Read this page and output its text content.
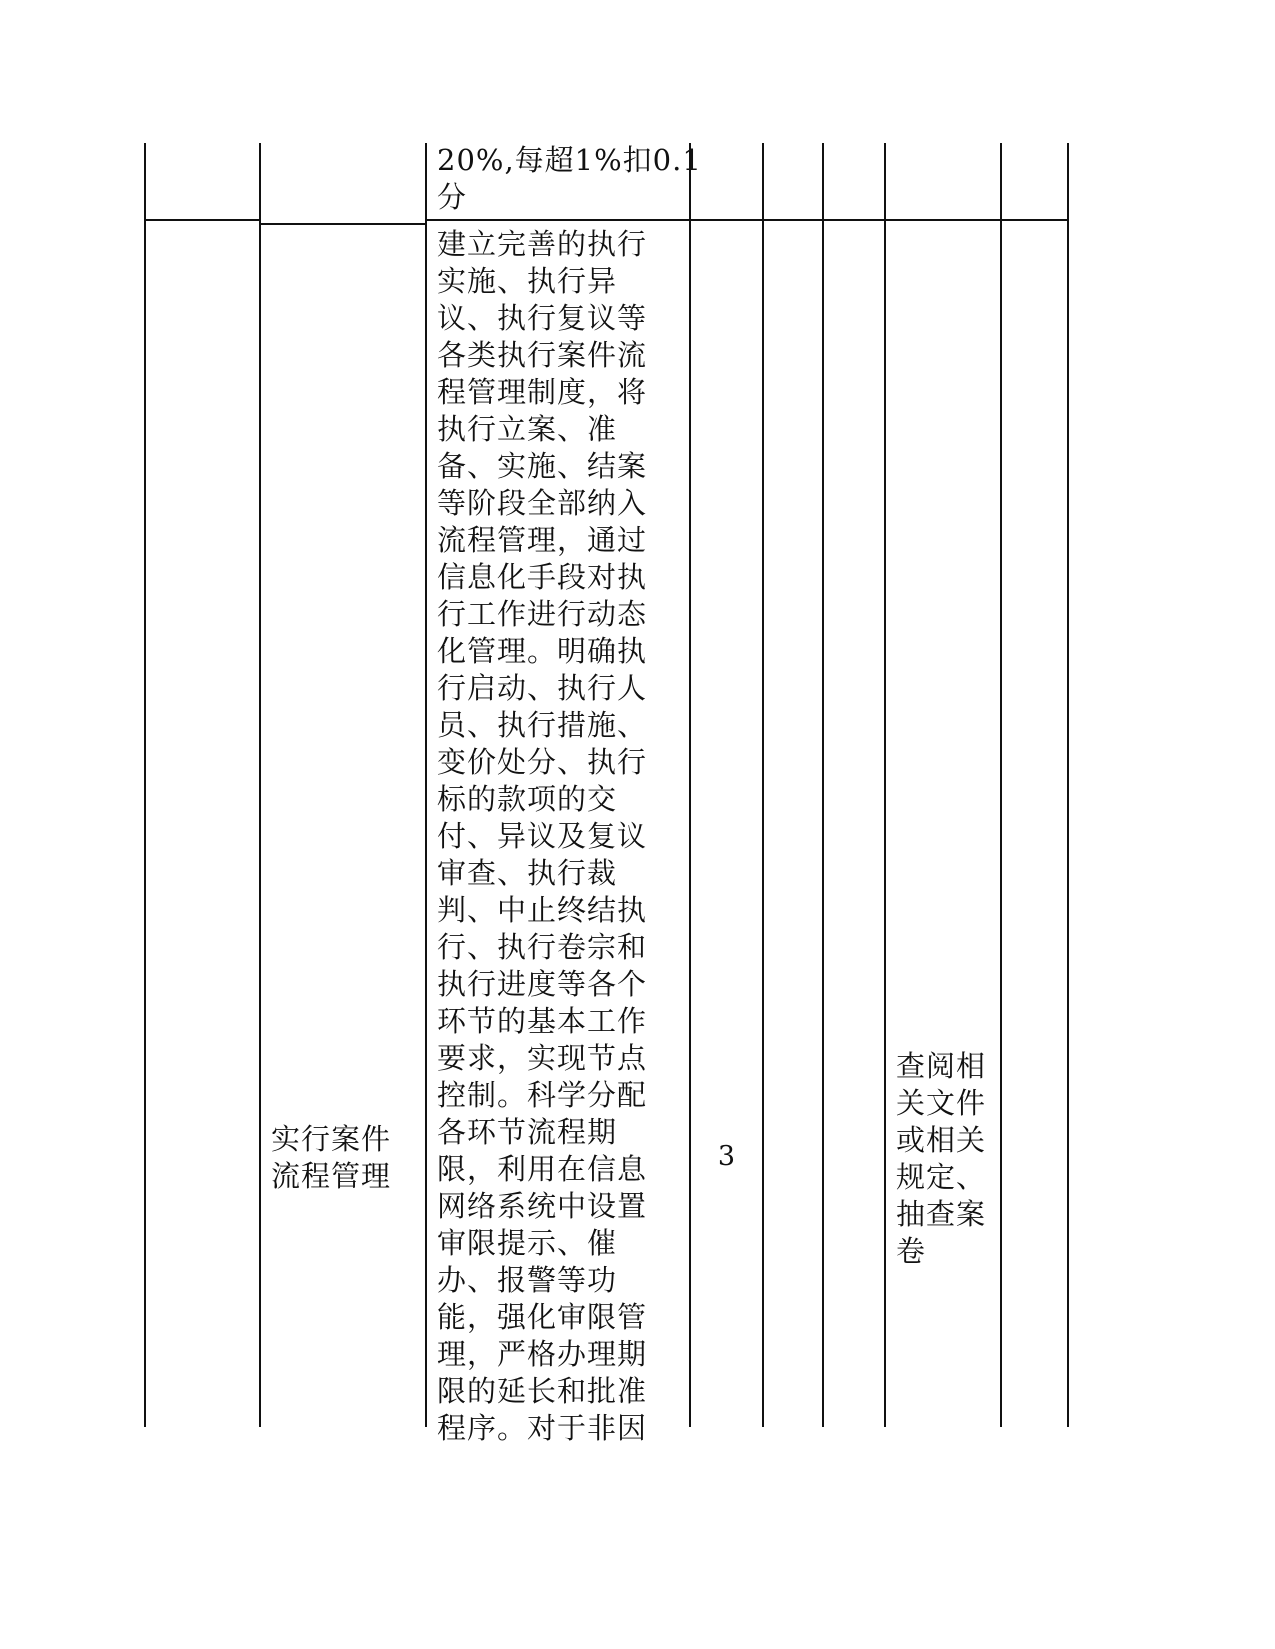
20%,每超1%扣0.1
分
实行案件
流程管理
建立完善的执行
实施、执行异
议、执行复议等
各类执行案件流
程管理制度，将
执行立案、准
备、实施、结案
等阶段全部纳入
流程管理，通过
信息化手段对执
行工作进行动态
化管理。明确执
行启动、执行人
员、执行措施、
变价处分、执行
标的款项的交
付、异议及复议
审查、执行裁
判、中止终结执
行、执行卷宗和
执行进度等各个
环节的基本工作
要求，实现节点
控制。科学分配
各环节流程期
限，利用在信息
网络系统中设置
审限提示、催
办、报警等功
能，强化审限管
理，严格办理期
限的延长和批准
程序。对于非因
3
查阅相
关文件
或相关
规定、
抽查案
卷
